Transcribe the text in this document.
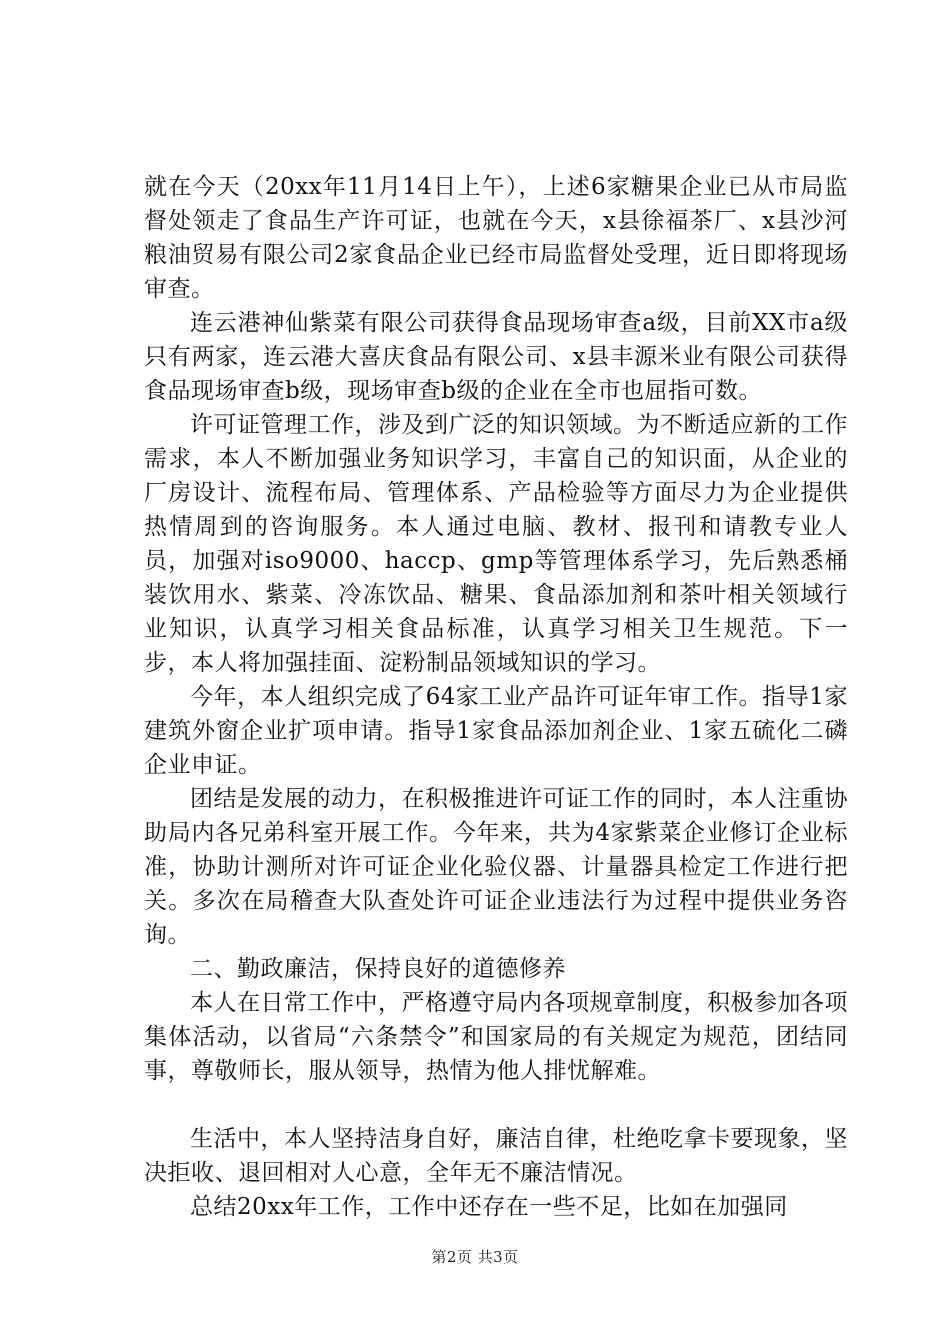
就在今天（20xx年11月14日上午），上述6家糖果企业已从市局监督处领走了食品生产许可证，也就在今天，x县徐福茶厂、x县沙河粮油贸易有限公司2家食品企业已经市局监督处受理，近日即将现场审查。

连云港神仙紫菜有限公司获得食品现场审查a级，目前XX市a级只有两家，连云港大喜庆食品有限公司、x县丰源米业有限公司获得食品现场审查b级，现场审查b级的企业在全市也屈指可数。

许可证管理工作，涉及到广泛的知识领域。为不断适应新的工作需求，本人不断加强业务知识学习，丰富自己的知识面，从企业的厂房设计、流程布局、管理体系、产品检验等方面尽力为企业提供热情周到的咨询服务。本人通过电脑、教材、报刊和请教专业人员，加强对iso9000、haccp、gmp等管理体系学习，先后熟悉桶装饮用水、紫菜、冷冻饮品、糖果、食品添加剂和茶叶相关领域行业知识，认真学习相关食品标准，认真学习相关卫生规范。下一步，本人将加强挂面、淀粉制品领域知识的学习。

今年，本人组织完成了64家工业产品许可证年审工作。指导1家建筑外窗企业扩项申请。指导1家食品添加剂企业、1家五硫化二磷企业申证。

团结是发展的动力，在积极推进许可证工作的同时，本人注重协助局内各兄弟科室开展工作。今年来，共为4家紫菜企业修订企业标准，协助计测所对许可证企业化验仪器、计量器具检定工作进行把关。多次在局稽查大队查处许可证企业违法行为过程中提供业务咨询。

二、勤政廉洁，保持良好的道德修养

本人在日常工作中，严格遵守局内各项规章制度，积极参加各项集体活动，以省局“六条禁令”和国家局的有关规定为规范，团结同事，尊敬师长，服从领导，热情为他人排忧解难。

生活中，本人坚持洁身自好，廉洁自律，杜绝吃拿卡要现象，坚决拒收、退回相对人心意，全年无不廉洁情况。

总结20xx年工作，工作中还存在一些不足，比如在加强同

第2页 共3页
